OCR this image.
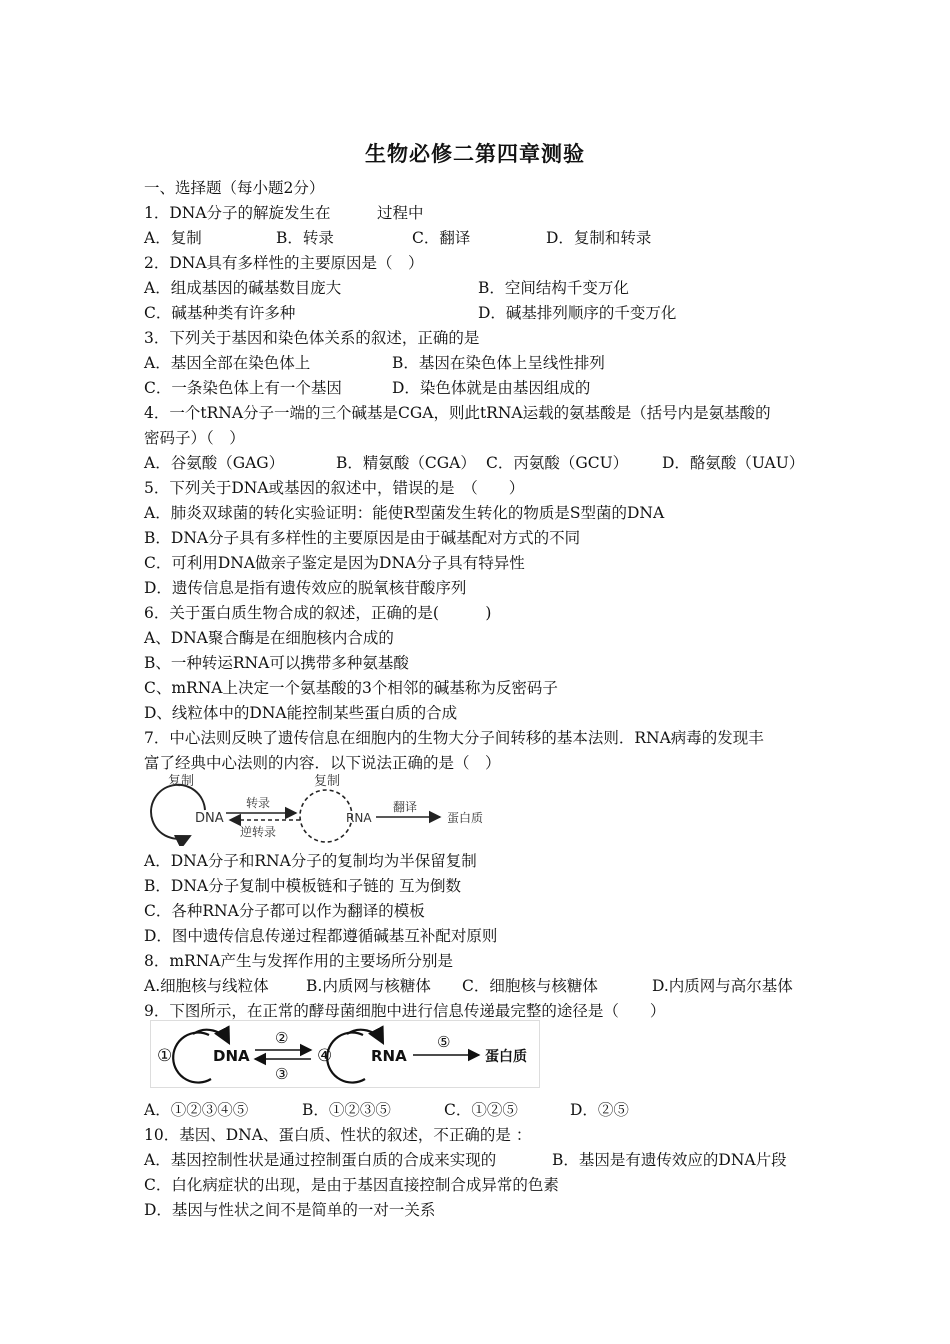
生物必修二第四章测验
一、选择题（每小题2分）
1．DNA分子的解旋发生在　　　过程中
A．复制	B．转录	C．翻译	D．复制和转录
2．DNA具有多样性的主要原因是（　）
A．组成基因的碱基数目庞大	B．空间结构千变万化
C．碱基种类有许多种	D．碱基排列顺序的千变万化
3．下列关于基因和染色体关系的叙述，正确的是
A．基因全部在染色体上	B．基因在染色体上呈线性排列
C．一条染色体上有一个基因	D．染色体就是由基因组成的
4．一个tRNA分子一端的三个碱基是CGA，则此tRNA运载的氨基酸是（括号内是氨基酸的
密码子）（　）
A．谷氨酸（GAG）	B．精氨酸（CGA） C．丙氨酸（GCU） D．酪氨酸（UAU）
5．下列关于DNA或基因的叙述中，错误的是　（　　）
A．肺炎双球菌的转化实验证明：能使R型菌发生转化的物质是S型菌的DNA
B．DNA分子具有多样性的主要原因是由于碱基配对方式的不同
C．可利用DNA做亲子鉴定是因为DNA分子具有特异性
D．遗传信息是指有遗传效应的脱氧核苷酸序列
6．关于蛋白质生物合成的叙述，正确的是(　　　)
A、DNA聚合酶是在细胞核内合成的
B、一种转运RNA可以携带多种氨基酸
C、mRNA上决定一个氨基酸的3个相邻的碱基称为反密码子
D、线粒体中的DNA能控制某些蛋白质的合成
7．中心法则反映了遗传信息在细胞内的生物大分子间转移的基本法则．RNA病毒的发现丰
富了经典中心法则的内容．以下说法正确的是（　）
复制
DNA
转录
逆转录
复制
RNA
翻译
蛋白质
A．DNA分子和RNA分子的复制均为半保留复制
B．DNA分子复制中模板链和子链的 互为倒数
C．各种RNA分子都可以作为翻译的模板
D．图中遗传信息传递过程都遵循碱基互补配对原则
8．mRNA产生与发挥作用的主要场所分别是
A.细胞核与线粒体 B.内质网与核糖体 C．细胞核与核糖体	D.内质网与高尔基体
9．下图所示，在正常的酵母菌细胞中进行信息传递最完整的途径是（　　）
①	DNA
②
③
④	RNA
⑤
蛋白质
A．①②③④⑤	B．①②③⑤	C．①②⑤	D．②⑤
10．基因、DNA、蛋白质、性状的叙述，不正确的是 ：
A．基因控制性状是通过控制蛋白质的合成来实现的	B．基因是有遗传效应的DNA片段
C．白化病症状的出现，是由于基因直接控制合成异常的色素
D．基因与性状之间不是简单的一对一关系
